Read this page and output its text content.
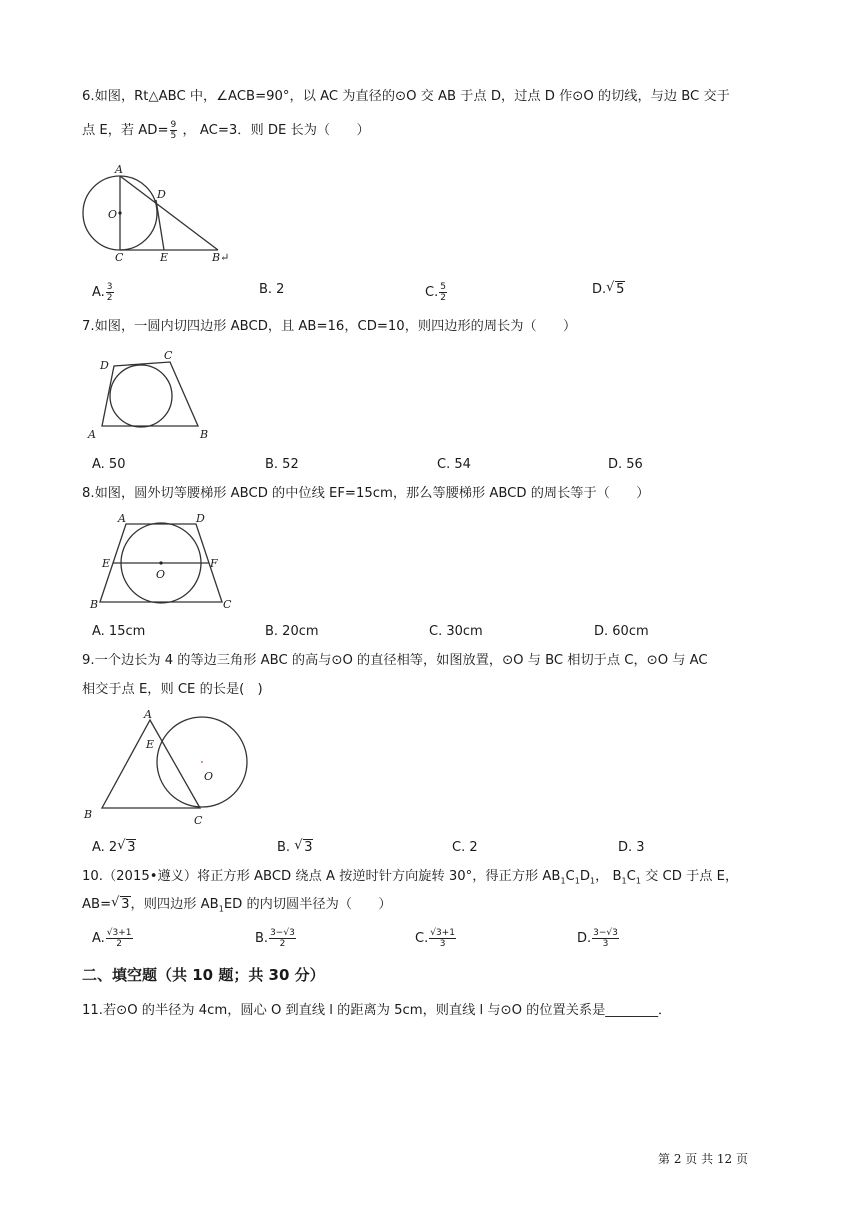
6.如图，Rt△ABC 中，∠ACB=90°，以 AC 为直径的⊙O 交 AB 于点 D，过点 D 作⊙O 的切线，与边 BC 交于
点 E，若 $AD= \frac{9}{5}$ ， AC=3．则 DE 长为（　　）
A
D
O
C	E	B↵
A. $\frac{3}{2}$	B. 2	C. $\frac{5}{2}$	D. √ 5
7.如图，一圆内切四边形 ABCD，且 AB=16，CD=10，则四边形的周长为（　　）
A	B
C
D
A. 50	B. 52	C. 54	D. 56
8.如图，圆外切等腰梯形 ABCD 的中位线 EF=15cm，那么等腰梯形 ABCD 的周长等于（　　）
A	D
E	F
O
B	C
A. 15cm	B. 20cm	C. 30cm	D. 60cm
9.一个边长为 4 的等边三角形 ABC 的高与⊙O 的直径相等，如图放置，⊙O 与 BC 相切于点 C，⊙O 与 AC
相交于点 E，则 CE 的长是(　)
A
E
O
B	C
A. 2 √ 3	B. √ 3	C. 2	D. 3
10.（2015•遵义）将正方形 ABCD 绕点 A 按逆时针方向旋转 30°，得正方形 $AB_1C_1D_1$， $B_1C_1$ 交 CD 于点 E，
AB= √ 3，则四边形 $AB_1ED$ 的内切圆半径为（　　）
A. $\frac{√3+1}{2}$	B. $\frac{3-√3}{2}$	C. $\frac{√3+1}{3}$	D. $\frac{3-√3}{3}$
二、填空题（共 10 题；共 30 分）
11.若⊙O 的半径为 4cm，圆心 O 到直线 l 的距离为 5cm，则直线 l 与⊙O 的位置关系是________．
第 2 页 共 12 页
